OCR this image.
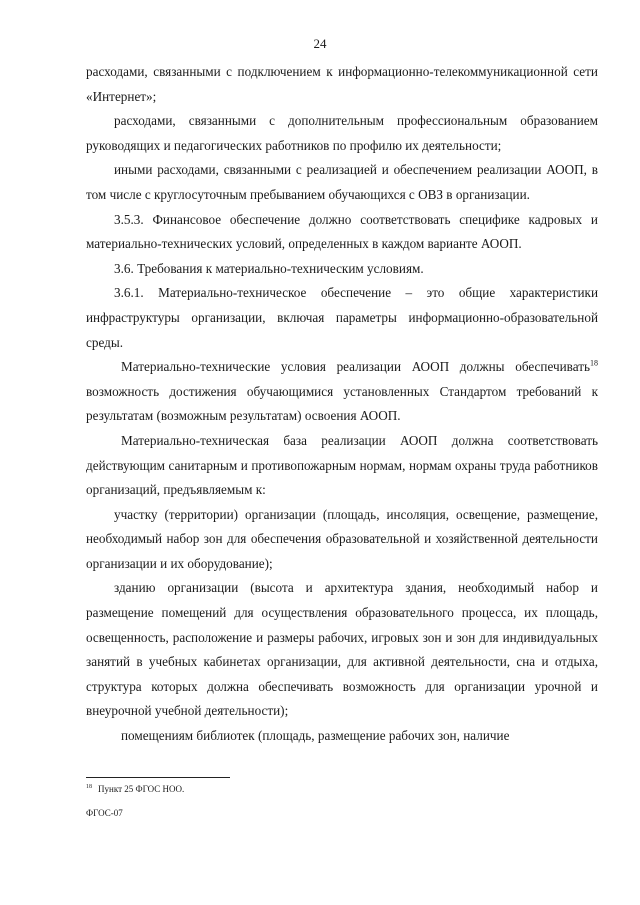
24

расходами, связанными с подключением к информационно-телекоммуникационной сети «Интернет»;

расходами, связанными с дополнительным профессиональным образованием руководящих и педагогических работников по профилю их деятельности;

иными расходами, связанными с реализацией и обеспечением реализации АООП, в том числе с круглосуточным пребыванием обучающихся с ОВЗ в организации.

3.5.3. Финансовое обеспечение должно соответствовать специфике кадровых и материально-технических условий, определенных в каждом варианте АООП.

3.6. Требования к материально-техническим условиям.

3.6.1. Материально-техническое обеспечение – это общие характеристики инфраструктуры организации, включая параметры информационно-образовательной среды.

Материально-технические условия реализации АООП должны обеспечивать$^{18}$ возможность достижения обучающимися установленных Стандартом требований к результатам (возможным результатам) освоения АООП.

Материально-техническая база реализации АООП должна соответствовать действующим санитарным и противопожарным нормам, нормам охраны труда работников организаций, предъявляемым к:

участку (территории) организации (площадь, инсоляция, освещение, размещение, необходимый набор зон для обеспечения образовательной и хозяйственной деятельности организации и их оборудование);

зданию организации (высота и архитектура здания, необходимый набор и размещение помещений для осуществления образовательного процесса, их площадь, освещенность, расположение и размеры рабочих, игровых зон и зон для индивидуальных занятий в учебных кабинетах организации, для активной деятельности, сна и отдыха, структура которых должна обеспечивать возможность для организации урочной и внеурочной учебной деятельности);

помещениям библиотек (площадь, размещение рабочих зон, наличие

$^{18}$ Пункт 25 ФГОС НОО.
ФГОС-07
